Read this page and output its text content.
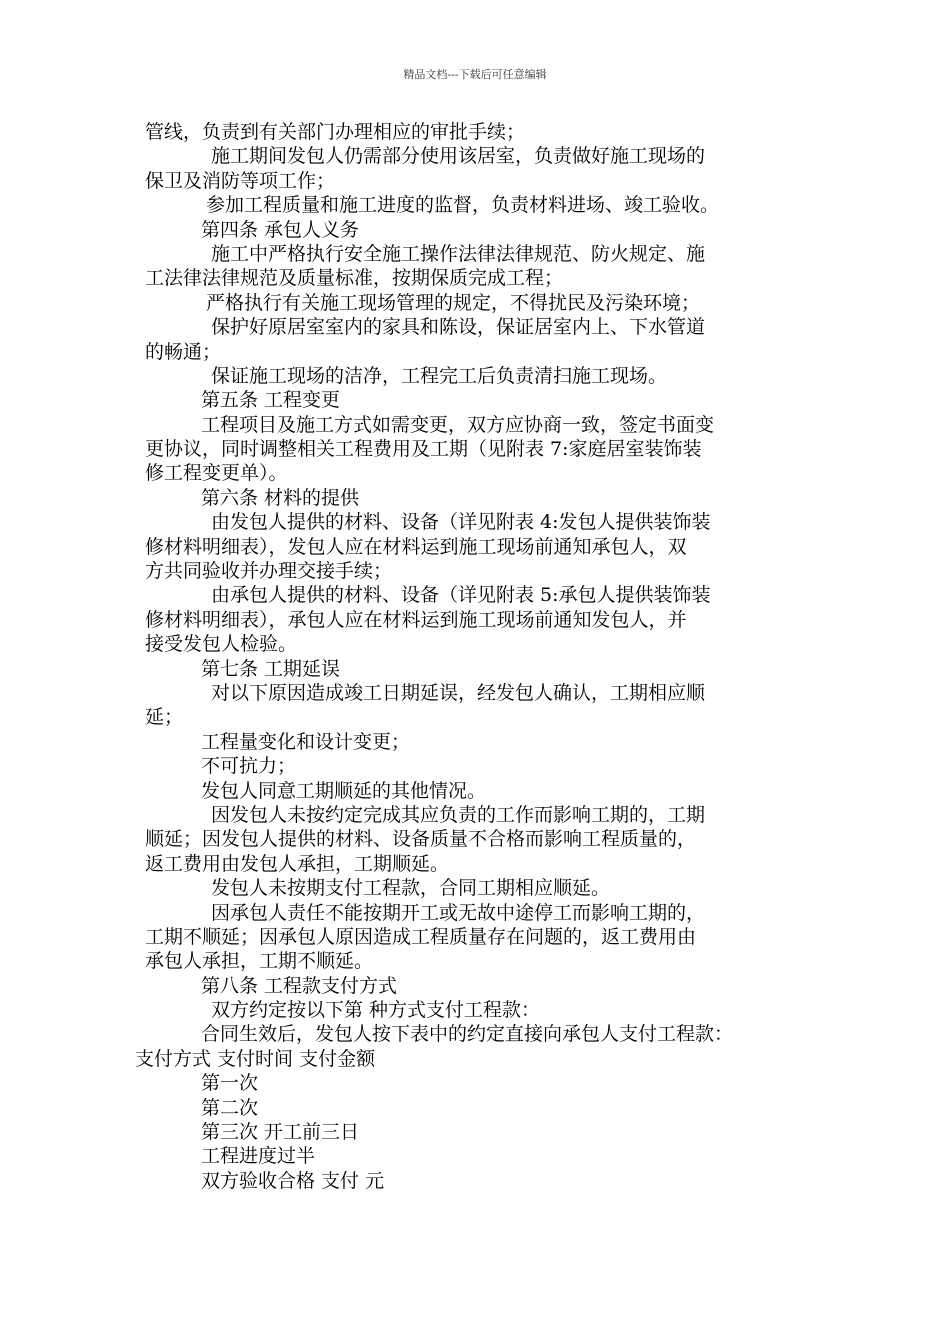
精品文档---下载后可任意编辑
管线，负责到有关部门办理相应的审批手续；
施工期间发包人仍需部分使用该居室，负责做好施工现场的
保卫及消防等项工作；
参加工程质量和施工进度的监督，负责材料进场、竣工验收。
第四条 承包人义务
施工中严格执行安全施工操作法律法律规范、防火规定、施
工法律法律规范及质量标准，按期保质完成工程；
严格执行有关施工现场管理的规定，不得扰民及污染环境；
保护好原居室室内的家具和陈设，保证居室内上、下水管道
的畅通；
保证施工现场的洁净，工程完工后负责清扫施工现场。
第五条 工程变更
工程项目及施工方式如需变更，双方应协商一致，签定书面变
更协议，同时调整相关工程费用及工期（见附表 7:家庭居室装饰装
修工程变更单）。
第六条 材料的提供
由发包人提供的材料、设备（详见附表 4:发包人提供装饰装
修材料明细表），发包人应在材料运到施工现场前通知承包人，双
方共同验收并办理交接手续；
由承包人提供的材料、设备（详见附表 5:承包人提供装饰装
修材料明细表），承包人应在材料运到施工现场前通知发包人，并
接受发包人检验。
第七条 工期延误
对以下原因造成竣工日期延误，经发包人确认，工期相应顺
延；
工程量变化和设计变更；
不可抗力；
发包人同意工期顺延的其他情况。
因发包人未按约定完成其应负责的工作而影响工期的，工期
顺延；因发包人提供的材料、设备质量不合格而影响工程质量的，
返工费用由发包人承担，工期顺延。
发包人未按期支付工程款，合同工期相应顺延。
因承包人责任不能按期开工或无故中途停工而影响工期的，
工期不顺延；因承包人原因造成工程质量存在问题的，返工费用由
承包人承担，工期不顺延。
第八条 工程款支付方式
双方约定按以下第 种方式支付工程款：
合同生效后，发包人按下表中的约定直接向承包人支付工程款：
支付方式 支付时间 支付金额
第一次
第二次
第三次 开工前三日
工程进度过半
双方验收合格 支付 元
